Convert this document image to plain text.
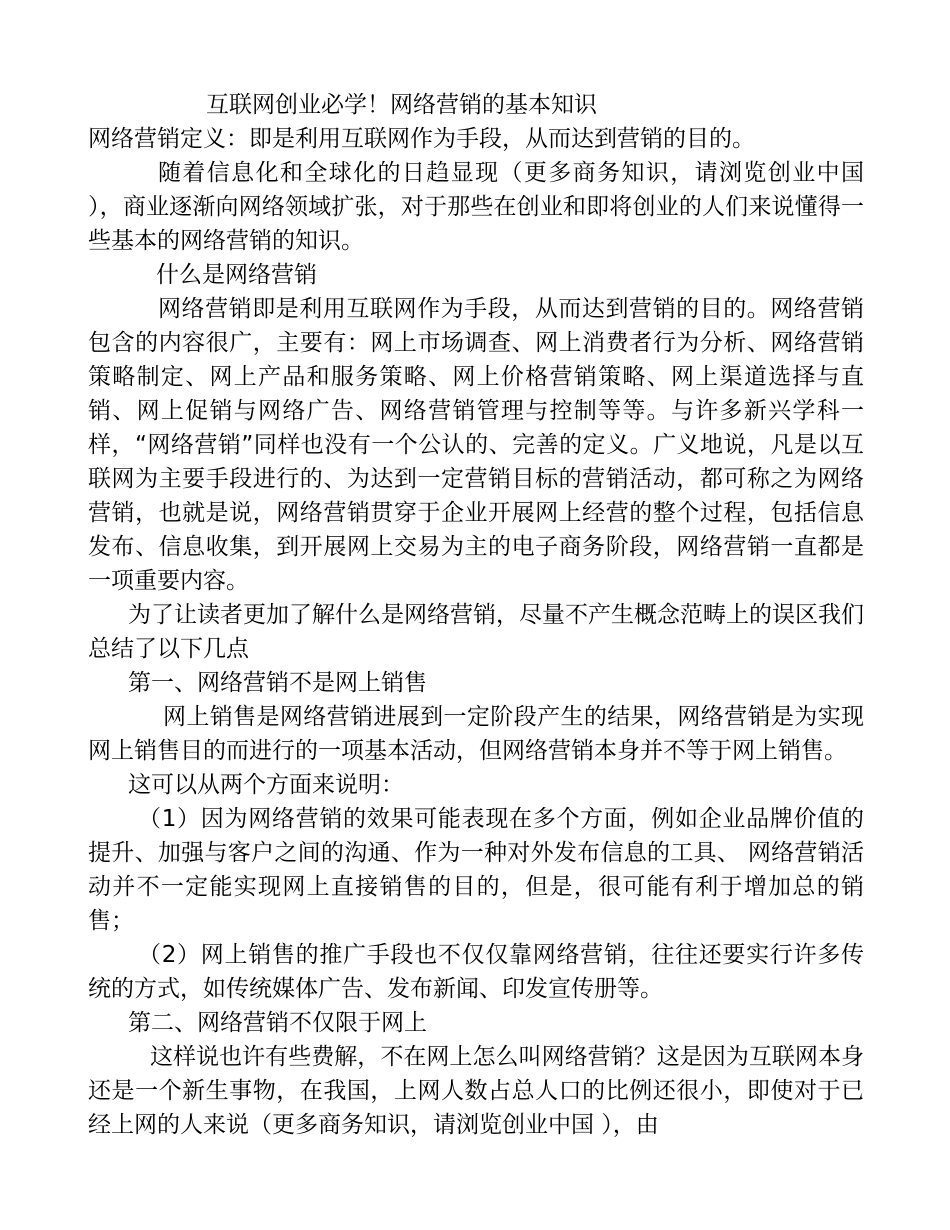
互联网创业必学！网络营销的基本知识

网络营销定义：即是利用互联网作为手段，从而达到营销的目的。

随着信息化和全球化的日趋显现（更多商务知识，请浏览创业中国 ），商业逐渐向网络领域扩张，对于那些在创业和即将创业的人们来说懂得一些基本的网络营销的知识。

什么是网络营销

网络营销即是利用互联网作为手段，从而达到营销的目的。网络营销包含的内容很广，主要有：网上市场调查、网上消费者行为分析、网络营销策略制定、网上产品和服务策略、网上价格营销策略、网上渠道选择与直销、网上促销与网络广告、网络营销管理与控制等等。与许多新兴学科一样，“网络营销”同样也没有一个公认的、完善的定义。广义地说，凡是以互联网为主要手段进行的、为达到一定营销目标的营销活动，都可称之为网络营销，也就是说，网络营销贯穿于企业开展网上经营的整个过程，包括信息发布、信息收集，到开展网上交易为主的电子商务阶段，网络营销一直都是一项重要内容。

为了让读者更加了解什么是网络营销，尽量不产生概念范畴上的误区我们总结了以下几点

第一、网络营销不是网上销售

网上销售是网络营销进展到一定阶段产生的结果，网络营销是为实现网上销售目的而进行的一项基本活动，但网络营销本身并不等于网上销售。

这可以从两个方面来说明：

（1）因为网络营销的效果可能表现在多个方面，例如企业品牌价值的提升、加强与客户之间的沟通、作为一种对外发布信息的工具、 网络营销活动并不一定能实现网上直接销售的目的，但是，很可能有利于增加总的销售；

（2）网上销售的推广手段也不仅仅靠网络营销，往往还要实行许多传统的方式，如传统媒体广告、发布新闻、印发宣传册等。

第二、网络营销不仅限于网上

这样说也许有些费解，不在网上怎么叫网络营销？这是因为互联网本身还是一个新生事物，在我国，上网人数占总人口的比例还很小，即使对于已经上网的人来说（更多商务知识，请浏览创业中国 ），由
